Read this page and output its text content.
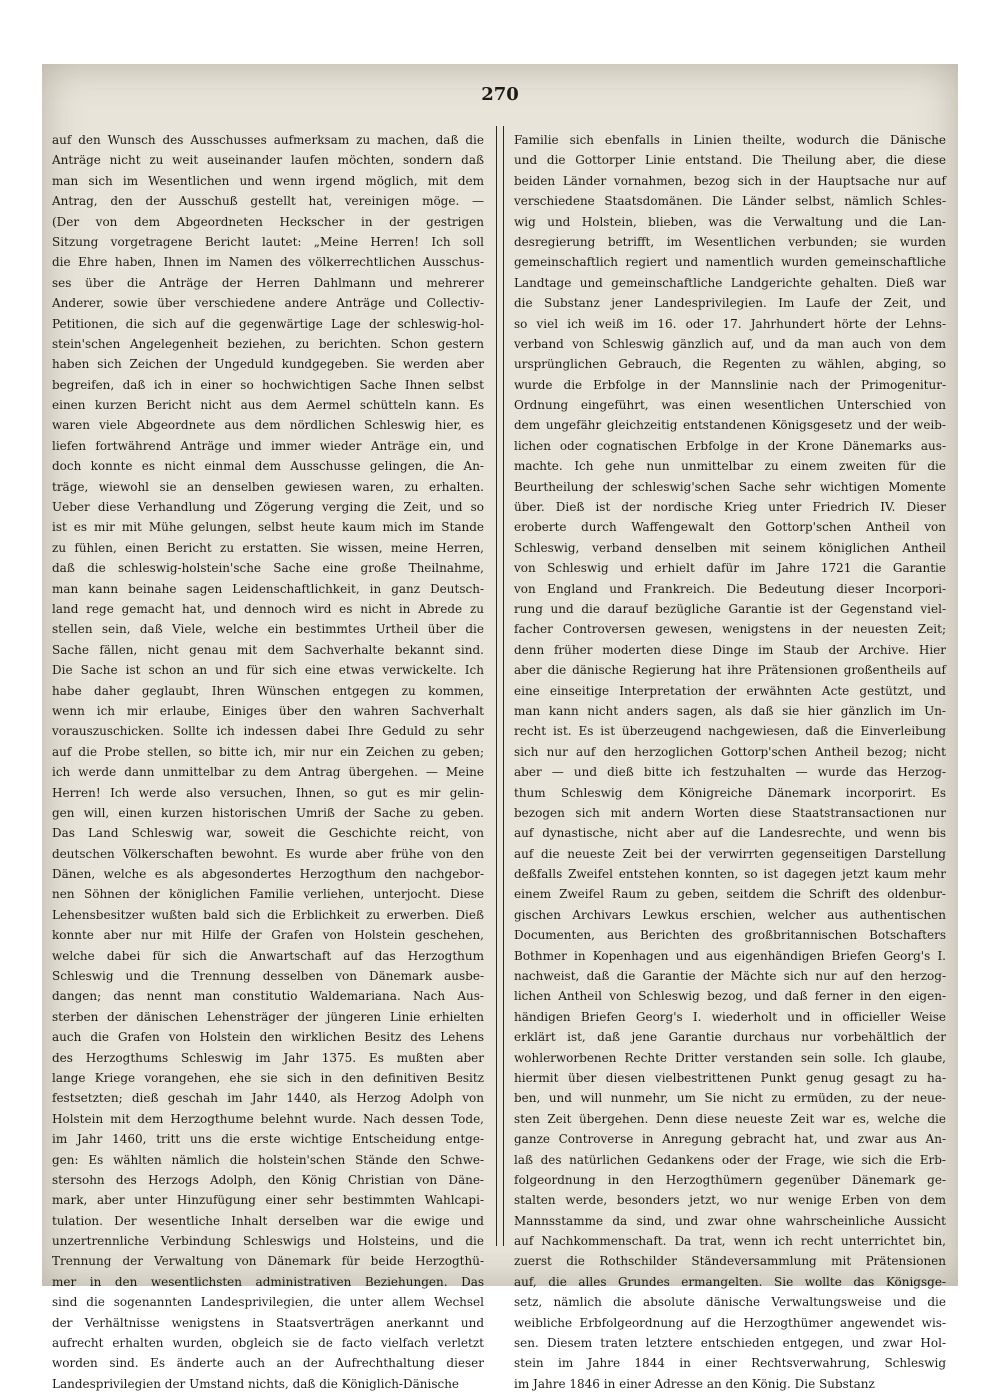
270
auf den Wunsch des Ausschusses aufmerksam zu machen, daß die
Anträge nicht zu weit auseinander laufen möchten, sondern daß
man sich im Wesentlichen und wenn irgend möglich, mit dem
Antrag, den der Ausschuß gestellt hat, vereinigen möge. —
(Der von dem Abgeordneten Heckscher in der gestrigen
Sitzung vorgetragene Bericht lautet: „Meine Herren! Ich soll
die Ehre haben, Ihnen im Namen des völkerrechtlichen Ausschus-
ses über die Anträge der Herren Dahlmann und mehrerer
Anderer, sowie über verschiedene andere Anträge und Collectiv-
Petitionen, die sich auf die gegenwärtige Lage der schleswig-hol-
stein'schen Angelegenheit beziehen, zu berichten. Schon gestern
haben sich Zeichen der Ungeduld kundgegeben. Sie werden aber
begreifen, daß ich in einer so hochwichtigen Sache Ihnen selbst
einen kurzen Bericht nicht aus dem Aermel schütteln kann. Es
waren viele Abgeordnete aus dem nördlichen Schleswig hier, es
liefen fortwährend Anträge und immer wieder Anträge ein, und
doch konnte es nicht einmal dem Ausschusse gelingen, die An-
träge, wiewohl sie an denselben gewiesen waren, zu erhalten.
Ueber diese Verhandlung und Zögerung verging die Zeit, und so
ist es mir mit Mühe gelungen, selbst heute kaum mich im Stande
zu fühlen, einen Bericht zu erstatten. Sie wissen, meine Herren,
daß die schleswig-holstein'sche Sache eine große Theilnahme,
man kann beinahe sagen Leidenschaftlichkeit, in ganz Deutsch-
land rege gemacht hat, und dennoch wird es nicht in Abrede zu
stellen sein, daß Viele, welche ein bestimmtes Urtheil über die
Sache fällen, nicht genau mit dem Sachverhalte bekannt sind.
Die Sache ist schon an und für sich eine etwas verwickelte. Ich
habe daher geglaubt, Ihren Wünschen entgegen zu kommen,
wenn ich mir erlaube, Einiges über den wahren Sachverhalt
vorauszuschicken. Sollte ich indessen dabei Ihre Geduld zu sehr
auf die Probe stellen, so bitte ich, mir nur ein Zeichen zu geben;
ich werde dann unmittelbar zu dem Antrag übergehen. — Meine
Herren! Ich werde also versuchen, Ihnen, so gut es mir gelin-
gen will, einen kurzen historischen Umriß der Sache zu geben.
Das Land Schleswig war, soweit die Geschichte reicht, von
deutschen Völkerschaften bewohnt. Es wurde aber frühe von den
Dänen, welche es als abgesondertes Herzogthum den nachgebor-
nen Söhnen der königlichen Familie verliehen, unterjocht. Diese
Lehensbesitzer wußten bald sich die Erblichkeit zu erwerben. Dieß
konnte aber nur mit Hilfe der Grafen von Holstein geschehen,
welche dabei für sich die Anwartschaft auf das Herzogthum
Schleswig und die Trennung desselben von Dänemark ausbe-
dangen; das nennt man constitutio Waldemariana. Nach Aus-
sterben der dänischen Lehensträger der jüngeren Linie erhielten
auch die Grafen von Holstein den wirklichen Besitz des Lehens
des Herzogthums Schleswig im Jahr 1375. Es mußten aber
lange Kriege vorangehen, ehe sie sich in den definitiven Besitz
festsetzten; dieß geschah im Jahr 1440, als Herzog Adolph von
Holstein mit dem Herzogthume belehnt wurde. Nach dessen Tode,
im Jahr 1460, tritt uns die erste wichtige Entscheidung entge-
gen: Es wählten nämlich die holstein'schen Stände den Schwe-
stersohn des Herzogs Adolph, den König Christian von Däne-
mark, aber unter Hinzufügung einer sehr bestimmten Wahlcapi-
tulation. Der wesentliche Inhalt derselben war die ewige und
unzertrennliche Verbindung Schleswigs und Holsteins, und die
Trennung der Verwaltung von Dänemark für beide Herzogthü-
mer in den wesentlichsten administrativen Beziehungen. Das
sind die sogenannten Landesprivilegien, die unter allem Wechsel
der Verhältnisse wenigstens in Staatsverträgen anerkannt und
aufrecht erhalten wurden, obgleich sie de facto vielfach verletzt
worden sind. Es änderte auch an der Aufrechthaltung dieser
Landesprivilegien der Umstand nichts, daß die Königlich-Dänische
Familie sich ebenfalls in Linien theilte, wodurch die Dänische
und die Gottorper Linie entstand. Die Theilung aber, die diese
beiden Länder vornahmen, bezog sich in der Hauptsache nur auf
verschiedene Staatsdomänen. Die Länder selbst, nämlich Schles-
wig und Holstein, blieben, was die Verwaltung und die Lan-
desregierung betrifft, im Wesentlichen verbunden; sie wurden
gemeinschaftlich regiert und namentlich wurden gemeinschaftliche
Landtage und gemeinschaftliche Landgerichte gehalten. Dieß war
die Substanz jener Landesprivilegien. Im Laufe der Zeit, und
so viel ich weiß im 16. oder 17. Jahrhundert hörte der Lehns-
verband von Schleswig gänzlich auf, und da man auch von dem
ursprünglichen Gebrauch, die Regenten zu wählen, abging, so
wurde die Erbfolge in der Mannslinie nach der Primogenitur-
Ordnung eingeführt, was einen wesentlichen Unterschied von
dem ungefähr gleichzeitig entstandenen Königsgesetz und der weib-
lichen oder cognatischen Erbfolge in der Krone Dänemarks aus-
machte. Ich gehe nun unmittelbar zu einem zweiten für die
Beurtheilung der schleswig'schen Sache sehr wichtigen Momente
über. Dieß ist der nordische Krieg unter Friedrich IV. Dieser
eroberte durch Waffengewalt den Gottorp'schen Antheil von
Schleswig, verband denselben mit seinem königlichen Antheil
von Schleswig und erhielt dafür im Jahre 1721 die Garantie
von England und Frankreich. Die Bedeutung dieser Incorpori-
rung und die darauf bezügliche Garantie ist der Gegenstand viel-
facher Controversen gewesen, wenigstens in der neuesten Zeit;
denn früher moderten diese Dinge im Staub der Archive. Hier
aber die dänische Regierung hat ihre Prätensionen großentheils auf
eine einseitige Interpretation der erwähnten Acte gestützt, und
man kann nicht anders sagen, als daß sie hier gänzlich im Un-
recht ist. Es ist überzeugend nachgewiesen, daß die Einverleibung
sich nur auf den herzoglichen Gottorp'schen Antheil bezog; nicht
aber — und dieß bitte ich festzuhalten — wurde das Herzog-
thum Schleswig dem Königreiche Dänemark incorporirt. Es
bezogen sich mit andern Worten diese Staatstransactionen nur
auf dynastische, nicht aber auf die Landesrechte, und wenn bis
auf die neueste Zeit bei der verwirrten gegenseitigen Darstellung
deßfalls Zweifel entstehen konnten, so ist dagegen jetzt kaum mehr
einem Zweifel Raum zu geben, seitdem die Schrift des oldenbur-
gischen Archivars Lewkus erschien, welcher aus authentischen
Documenten, aus Berichten des großbritannischen Botschafters
Bothmer in Kopenhagen und aus eigenhändigen Briefen Georg's I.
nachweist, daß die Garantie der Mächte sich nur auf den herzog-
lichen Antheil von Schleswig bezog, und daß ferner in den eigen-
händigen Briefen Georg's I. wiederholt und in officieller Weise
erklärt ist, daß jene Garantie durchaus nur vorbehältlich der
wohlerworbenen Rechte Dritter verstanden sein solle. Ich glaube,
hiermit über diesen vielbestrittenen Punkt genug gesagt zu ha-
ben, und will nunmehr, um Sie nicht zu ermüden, zu der neue-
sten Zeit übergehen. Denn diese neueste Zeit war es, welche die
ganze Controverse in Anregung gebracht hat, und zwar aus An-
laß des natürlichen Gedankens oder der Frage, wie sich die Erb-
folgeordnung in den Herzogthümern gegenüber Dänemark ge-
stalten werde, besonders jetzt, wo nur wenige Erben von dem
Mannsstamme da sind, und zwar ohne wahrscheinliche Aussicht
auf Nachkommenschaft. Da trat, wenn ich recht unterrichtet bin,
zuerst die Rothschilder Ständeversammlung mit Prätensionen
auf, die alles Grundes ermangelten. Sie wollte das Königsge-
setz, nämlich die absolute dänische Verwaltungsweise und die
weibliche Erbfolgeordnung auf die Herzogthümer angewendet wis-
sen. Diesem traten letztere entschieden entgegen, und zwar Hol-
stein im Jahre 1844 in einer Rechtsverwahrung, Schleswig
im Jahre 1846 in einer Adresse an den König. Die Substanz
